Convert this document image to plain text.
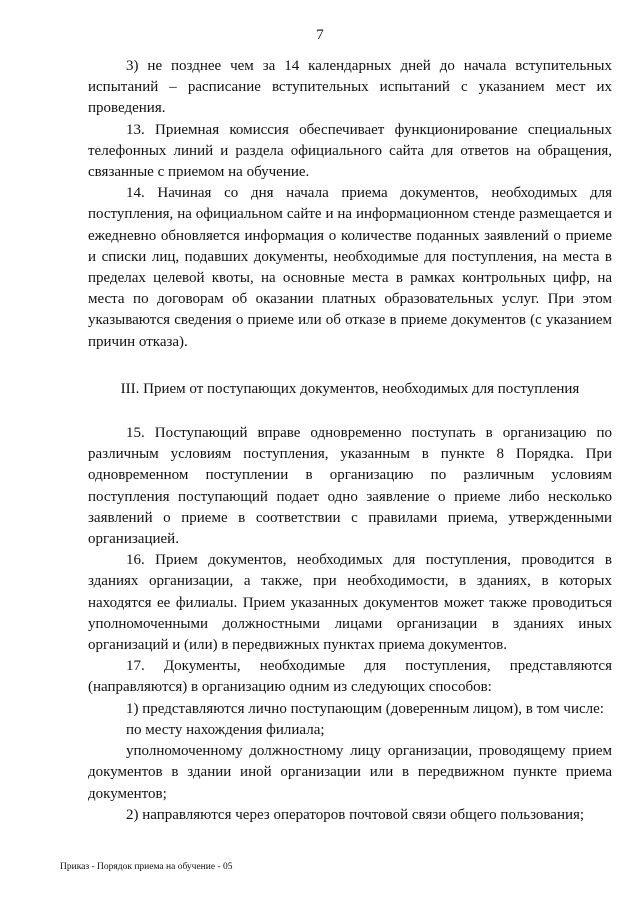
7

3) не позднее чем за 14 календарных дней до начала вступительных испытаний – расписание вступительных испытаний с указанием мест их проведения.

13. Приемная комиссия обеспечивает функционирование специальных телефонных линий и раздела официального сайта для ответов на обращения, связанные с приемом на обучение.

14. Начиная со дня начала приема документов, необходимых для поступления, на официальном сайте и на информационном стенде размещается и ежедневно обновляется информация о количестве поданных заявлений о приеме и списки лиц, подавших документы, необходимые для поступления, на места в пределах целевой квоты, на основные места в рамках контрольных цифр, на места по договорам об оказании платных образовательных услуг. При этом указываются сведения о приеме или об отказе в приеме документов (с указанием причин отказа).

III. Прием от поступающих документов, необходимых для поступления

15. Поступающий вправе одновременно поступать в организацию по различным условиям поступления, указанным в пункте 8 Порядка. При одновременном поступлении в организацию по различным условиям поступления поступающий подает одно заявление о приеме либо несколько заявлений о приеме в соответствии с правилами приема, утвержденными организацией.

16. Прием документов, необходимых для поступления, проводится в зданиях организации, а также, при необходимости, в зданиях, в которых находятся ее филиалы. Прием указанных документов может также проводиться уполномоченными должностными лицами организации в зданиях иных организаций и (или) в передвижных пунктах приема документов.

17. Документы, необходимые для поступления, представляются (направляются) в организацию одним из следующих способов:

1) представляются лично поступающим (доверенным лицом), в том числе:

по месту нахождения филиала;

уполномоченному должностному лицу организации, проводящему прием документов в здании иной организации или в передвижном пункте приема документов;

2) направляются через операторов почтовой связи общего пользования;

Приказ - Порядок приема на обучение - 05
